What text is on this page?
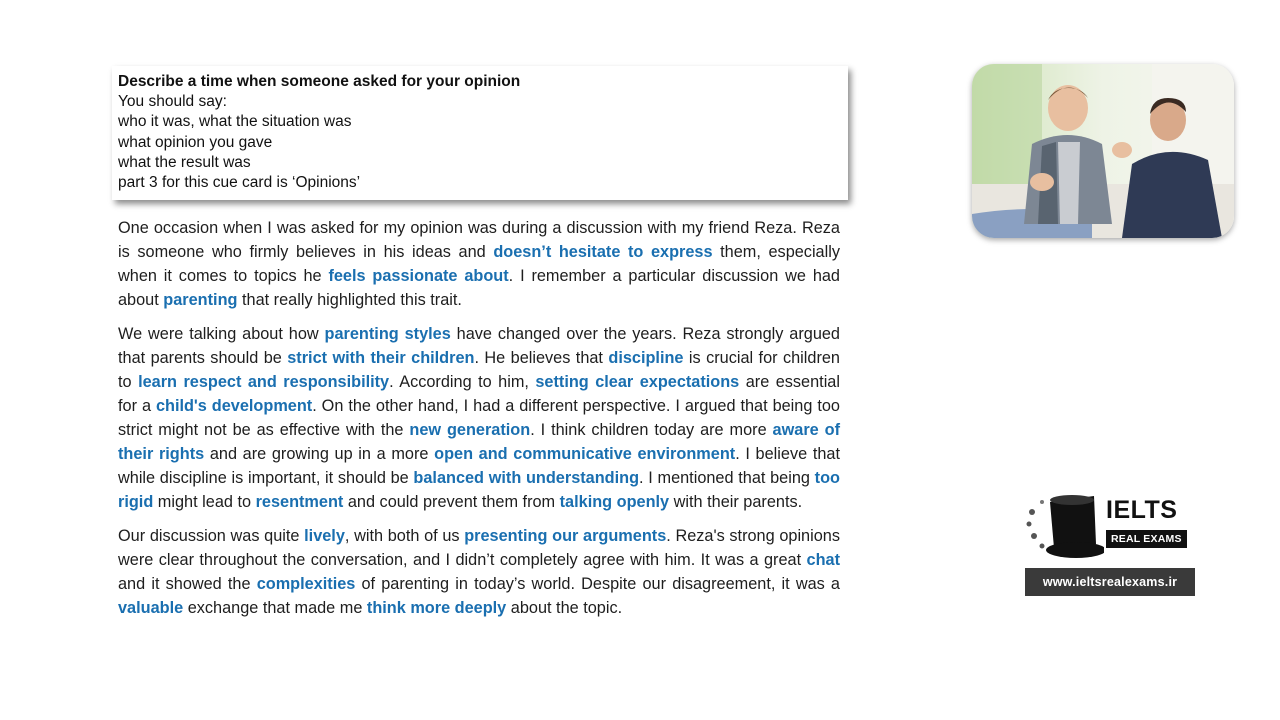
Describe a time when someone asked for your opinion
You should say:
who it was, what the situation was
what opinion you gave
what the result was
part 3 for this cue card is ‘Opinions’

One occasion when I was asked for my opinion was during a discussion with my friend Reza. Reza is someone who firmly believes in his ideas and doesn’t hesitate to express them, especially when it comes to topics he feels passionate about. I remember a particular discussion we had about parenting that really highlighted this trait.

We were talking about how parenting styles have changed over the years. Reza strongly argued that parents should be strict with their children. He believes that discipline is crucial for children to learn respect and responsibility. According to him, setting clear expectations are essential for a child's development. On the other hand, I had a different perspective. I argued that being too strict might not be as effective with the new generation. I think children today are more aware of their rights and are growing up in a more open and communicative environment. I believe that while discipline is important, it should be balanced with understanding. I mentioned that being too rigid might lead to resentment and could prevent them from talking openly with their parents.

Our discussion was quite lively, with both of us presenting our arguments. Reza's strong opinions were clear throughout the conversation, and I didn’t completely agree with him. It was a great chat and it showed the complexities of parenting in today’s world. Despite our disagreement, it was a valuable exchange that made me think more deeply about the topic.

IELTS
REAL EXAMS
www.ieltsrealexams.ir
